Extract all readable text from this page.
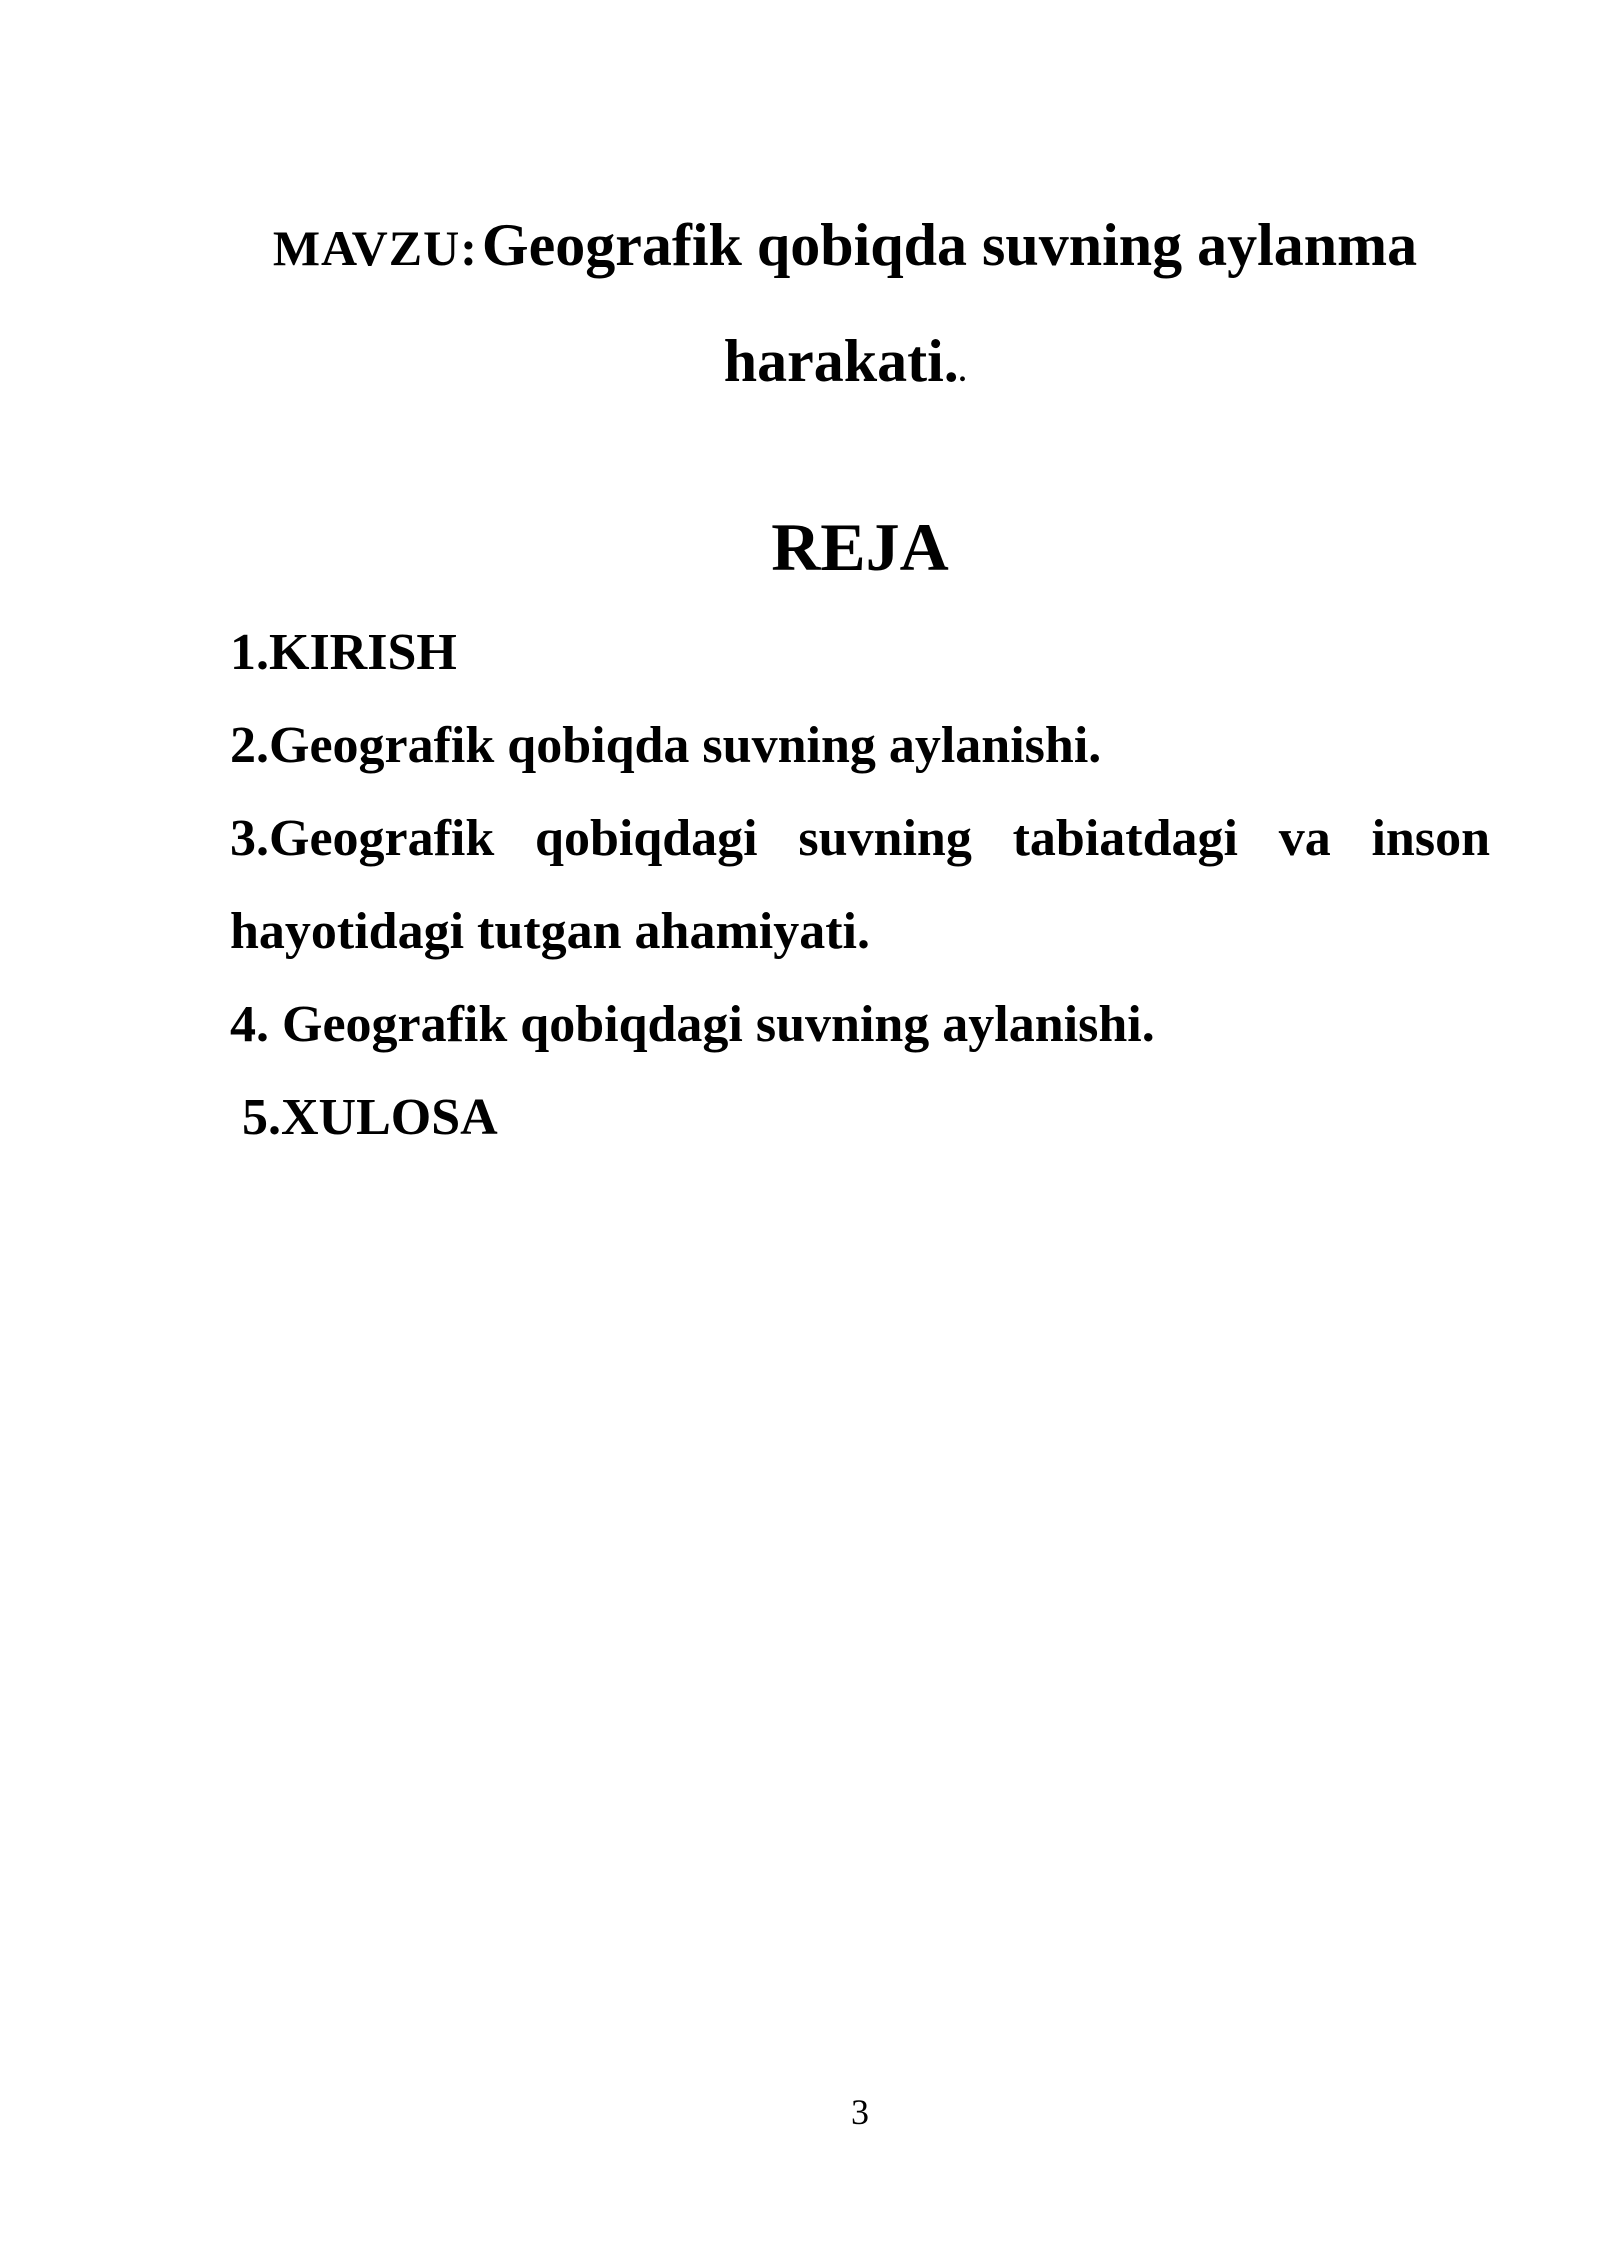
MAVZU: Geografik qobiqda suvning aylanma
harakati..
REJA
1.KIRISH
2.Geografik qobiqda suvning aylanishi.
3.Geografik qobiqdagi suvning tabiatdagi va inson hayotidagi tutgan ahamiyati.
4. Geografik qobiqdagi suvning aylanishi.
5.XULOSA
3
